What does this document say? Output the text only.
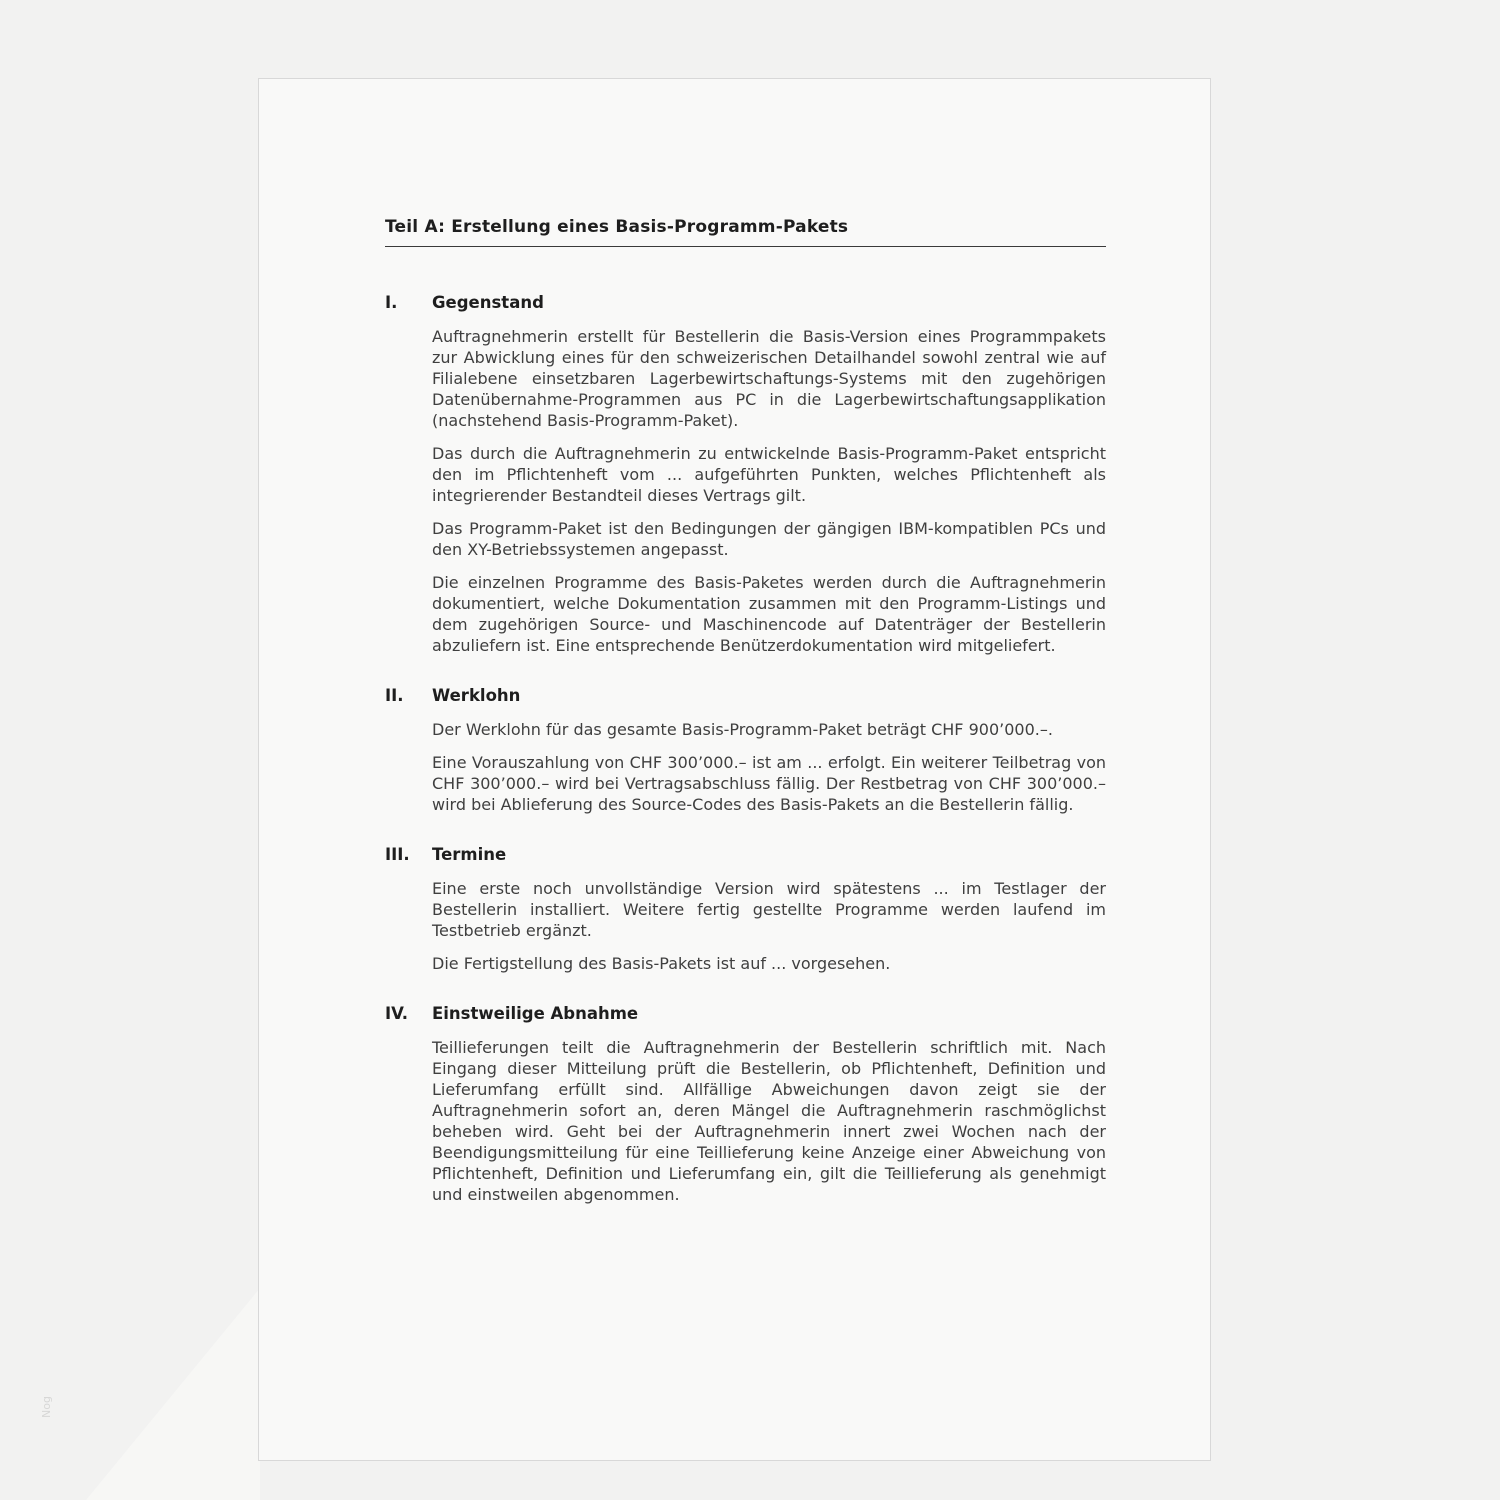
Nog
Teil A: Erstellung eines Basis-Programm-Pakets
I.	Gegenstand

Auftragnehmerin erstellt für Bestellerin die Basis-Version eines Programmpakets zur Abwicklung eines für den schweizerischen Detailhandel sowohl zentral wie auf Filialebene einsetzbaren Lagerbewirtschaftungs-Systems mit den zugehörigen Datenübernahme-Programmen aus PC in die Lagerbewirtschaftungsapplikation (nachstehend Basis-Programm-Paket).

Das durch die Auftragnehmerin zu entwickelnde Basis-Programm-Paket entspricht den im Pflichtenheft vom ... aufgeführten Punkten, welches Pflichtenheft als integrierender Bestandteil dieses Vertrags gilt.

Das Programm-Paket ist den Bedingungen der gängigen IBM-kompatiblen PCs und den XY-Betriebssystemen angepasst.

Die einzelnen Programme des Basis-Paketes werden durch die Auftragnehmerin dokumentiert, welche Dokumentation zusammen mit den Programm-Listings und dem zugehörigen Source- und Maschinencode auf Datenträger der Bestellerin abzuliefern ist. Eine entsprechende Benützerdokumentation wird mitgeliefert.

II.	Werklohn

Der Werklohn für das gesamte Basis-Programm-Paket beträgt CHF 900’000.–.

Eine Vorauszahlung von CHF 300’000.– ist am ... erfolgt. Ein weiterer Teilbetrag von CHF 300’000.– wird bei Vertragsabschluss fällig. Der Restbetrag von CHF 300’000.– wird bei Ablieferung des Source-Codes des Basis-Pakets an die Bestellerin fällig.

III.	Termine

Eine erste noch unvollständige Version wird spätestens ... im Testlager der Bestellerin installiert. Weitere fertig gestellte Programme werden laufend im Testbetrieb ergänzt.

Die Fertigstellung des Basis-Pakets ist auf ... vorgesehen.

IV.	Einstweilige Abnahme

Teillieferungen teilt die Auftragnehmerin der Bestellerin schriftlich mit. Nach Eingang dieser Mitteilung prüft die Bestellerin, ob Pflichtenheft, Definition und Lieferumfang erfüllt sind. Allfällige Abweichungen davon zeigt sie der Auftragnehmerin sofort an, deren Mängel die Auftragnehmerin raschmöglichst beheben wird. Geht bei der Auftragnehmerin innert zwei Wochen nach der Beendigungsmitteilung für eine Teillieferung keine Anzeige einer Abweichung von Pflichtenheft, Definition und Lieferumfang ein, gilt die Teillieferung als genehmigt und einstweilen abgenommen.
